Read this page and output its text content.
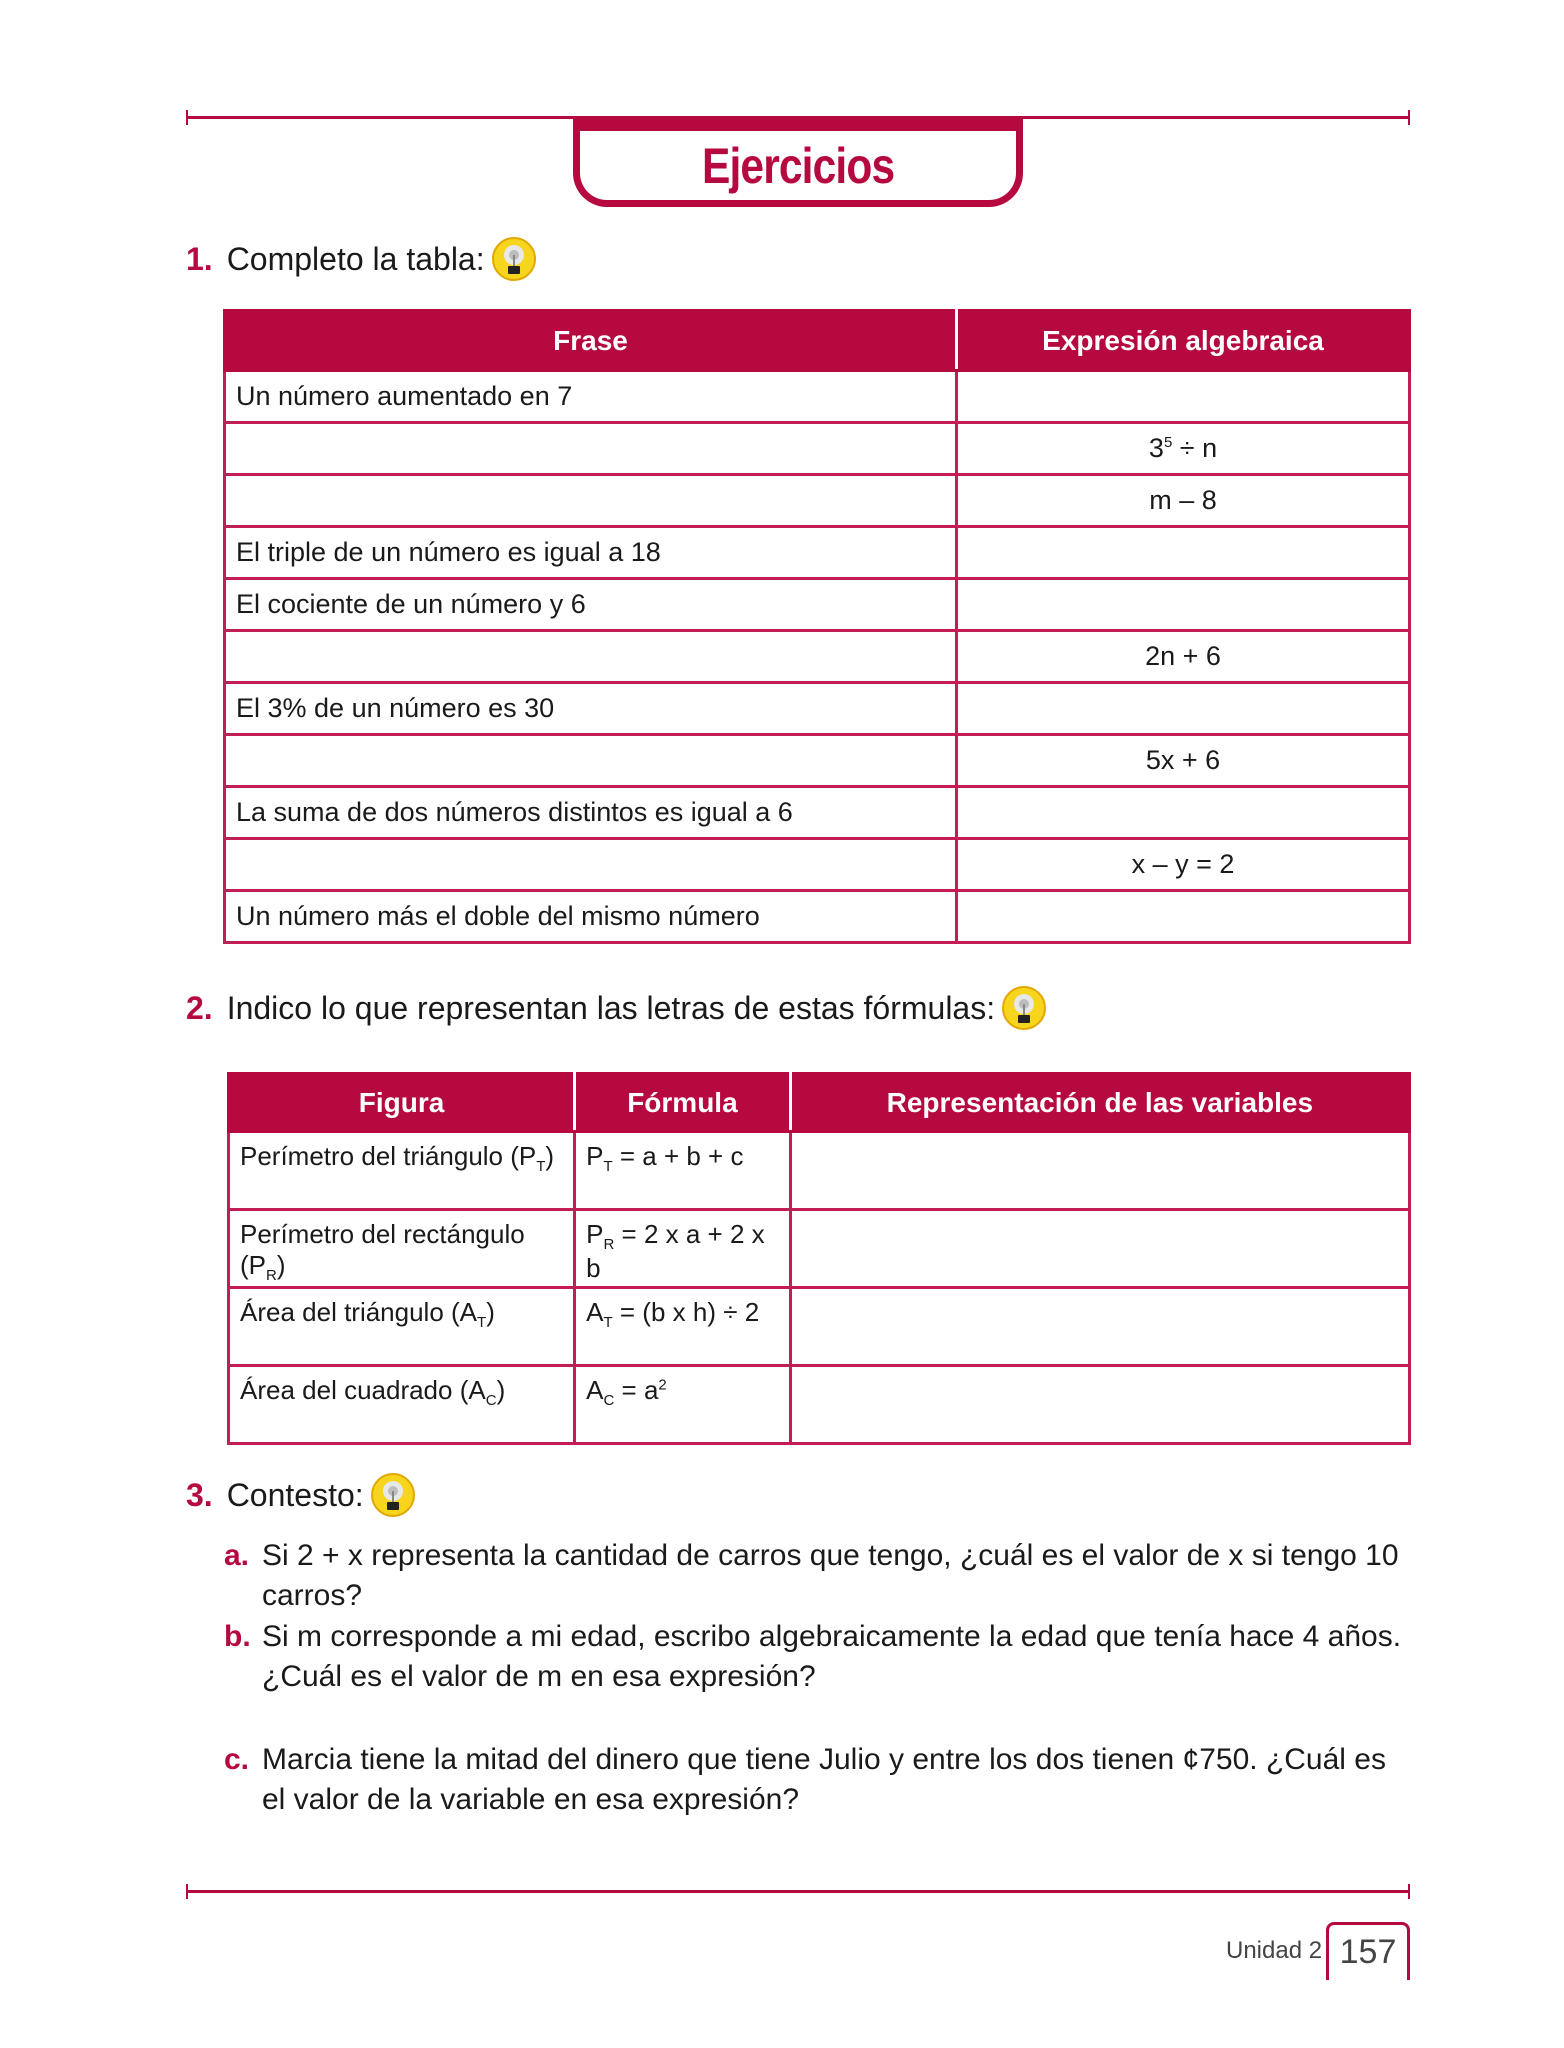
Ejercicios
1. Completo la tabla:
Frase	Expresión algebraica
Un número aumentado en 7	
	$3^5 \div n$
	m – 8
El triple de un número es igual a 18	
El cociente de un número y 6	
	2n + 6
El 3% de un número es 30	
	5x + 6
La suma de dos números distintos es igual a 6	
	x – y = 2
Un número más el doble del mismo número	
2. Indico lo que representan las letras de estas fórmulas:
Figura	Fórmula	Representación de las variables
Perímetro del triángulo $(P_T)$	$P_T = a + b + c$	
Perímetro del rectángulo $(P_R)$	$P_R = 2$ x a + 2 x b	
Área del triángulo $(A_T)$	$A_T = (b$ x h) ÷ 2	
Área del cuadrado $(A_C)$	$A_C = a^2$	
3. Contesto:
a. Si 2 + x representa la cantidad de carros que tengo, ¿cuál es el valor de x si tengo 10 carros?
b. Si m corresponde a mi edad, escribo algebraicamente la edad que tenía hace 4 años. ¿Cuál es el valor de m en esa expresión?
c. Marcia tiene la mitad del dinero que tiene Julio y entre los dos tienen ¢750. ¿Cuál es el valor de la variable en esa expresión?
Unidad 2 157
